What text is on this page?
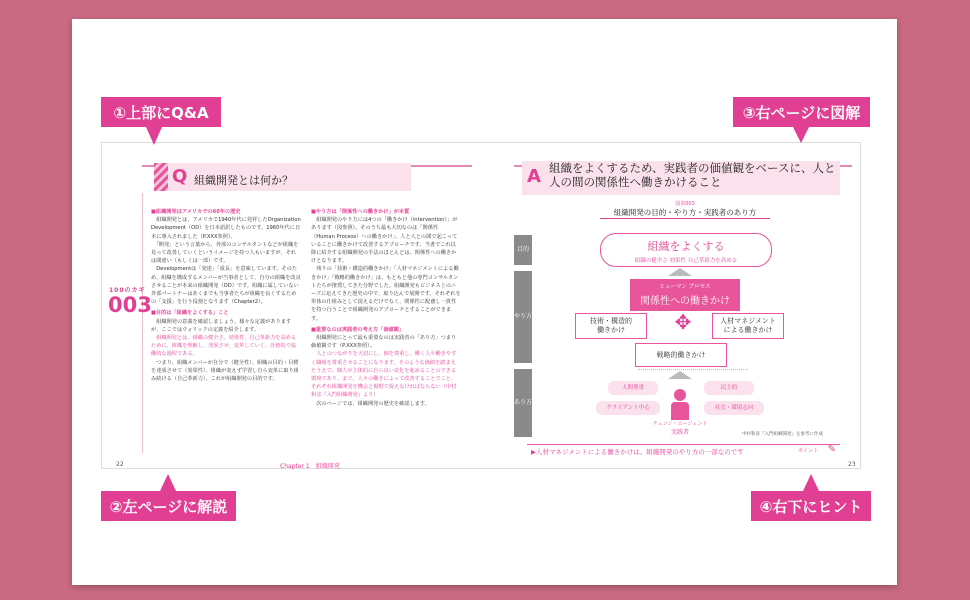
Q 組織開発とは何か？
100のカギ
003
■組織開発はアメリカでの60年の歴史
　組織開発とは、アメリカで1940年代に発祥したOrganization Development（OD）を日本語訳したものです。1960年代に日本に導入されました（P.XXX参照）。
　「開発」という言葉から、外部のコンサルタントなどが組織を見って改善していくというイメージを持つ人もいますが、それは間違い（もしくは一部）です。
　Developmentは「発達」「成長」を意味しています。そのため、組織を構成するメンバーが当事者として、自分の組織を改良させることが本来の組織開発（OD）です。組織に属していない外部パートナーはあくまでも当事者たちが組織を良くするための「支援」を行う役割となります（Chapter2）。
■目的は「組織をよくする」こと
　組織開発の意義を確認しましょう。様々な定義がありますが、ここではウォリックの定義を紹介します。
　組織開発とは、組織の健全さ、効果性、自己革新力を高めるために、組織を理解し、発展させ、変革していく、計画的で協働的な過程である。
　つまり、組織メンバーが自分で（健全性）、組織の目的・目標を達成させて（効果性）、組織が変えず学習し自ら変革に取り組み続ける（自己革新力）、これが組織開発の目的です。
■やり方は「関係性への働きかけ」が本質
　組織開発のやり方には4つの「働きかけ（intervention）」があります（図参照）。そのうち最も大切なのは「関係性（Human Process）への働きかけ」、人と人との間で起こっていることに働きかけて改善するアプローチです。当書でこれ以降に紹介する組織開発の手法のほとんどは、関係性への働きかけとなります。
　残りの「技術・構造的働きかけ」「人材マネジメントによる働きかけ」「戦略的働きかけ」は、もともと他の専門コンサルタントたちが推奨してきた分野でした。組織開発もビジネス上のニーズに応えてきた歴史の中で、取り込んで展開です。それぞれを単体の仕組みとして捉えるだけでなく、関係性に配慮し一貫性を持つ行うことで組織開発のアプローチとすることができます。
■重要なのは実践者の考え方「価値観」
　組織開発にとって最も重要なのは実践者の「あり方」つまり価値観です（P.XXX参照）。
　人とのつながりを大切にし、個を尊重し、働く人や働きやすく職場を尊重させることになります。そのような価値を踏まえたうえで、個人が主体的に自ら良い変化を進めることのできる環境であり、まで、人々の働きによって改善することでこと、それぞれ組織開発を機会と視野で捉えなければならない（中村和彦『入門組織開発』より）
　次のページでは、組織開発の歴史を確認します。
22	Chapter 1　組織開発
A 組織をよくするため、実践者の価値観をベースに、人と人の間の関係性へ働きかけること
図表003
組織開発の目的・やり方・実践者のあり方
目的
やり方
あり方
組織をよくする
組織の健全さ 効果性 自己革新力を高める
ヒューマン プロセス
関係性への働きかけ
技術・構造的
働きかけ
人材マネジメント
による働きかけ
✥
戦略的働きかけ
人間尊重	民主的
クライアント中心	社会・環境志向
チェンジ・エージェント
実践者	中村和彦『入門組織開発』を参考に作成
▶人材マネジメントによる働きかけは、組織開発のやり方の一部なのです	ポイント ✎
23
①上部にQ&A	③右ページに図解
②左ページに解説	④右下にヒント
